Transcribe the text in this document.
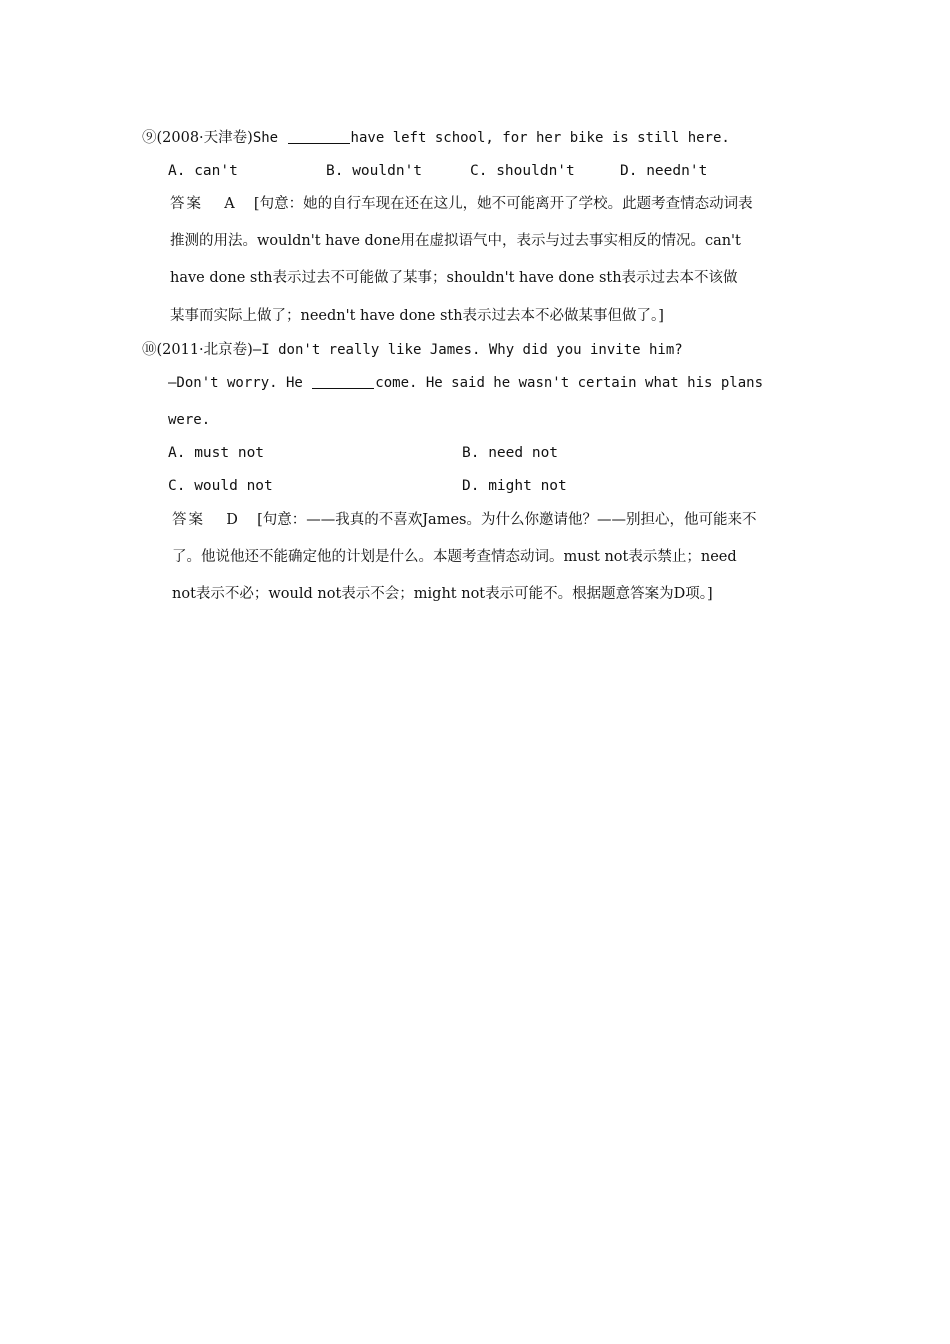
⑨(2008·天津卷)She	have left school, for her bike is still here.
A. can't	B. wouldn't	C. shouldn't	D. needn't
答案 A [句意：她的自行车现在还在这儿，她不可能离开了学校。此题考查情态动词表
推测的用法。wouldn't have done用在虚拟语气中，表示与过去事实相反的情况。can't
have done sth表示过去不可能做了某事；shouldn't have done sth表示过去本不该做
某事而实际上做了；needn't have done sth表示过去本不必做某事但做了。]
⑩(2011·北京卷)—I don't really like James. Why did you invite him?
—Don't worry. He	come. He said he wasn't certain what his plans
were.
A. must not	B. need not
C. would not	D. might not
答案 D [句意：——我真的不喜欢James。为什么你邀请他？——别担心，他可能来不
了。他说他还不能确定他的计划是什么。本题考查情态动词。must not表示禁止；need
not表示不必；would not表示不会；might not表示可能不。根据题意答案为D项。]
